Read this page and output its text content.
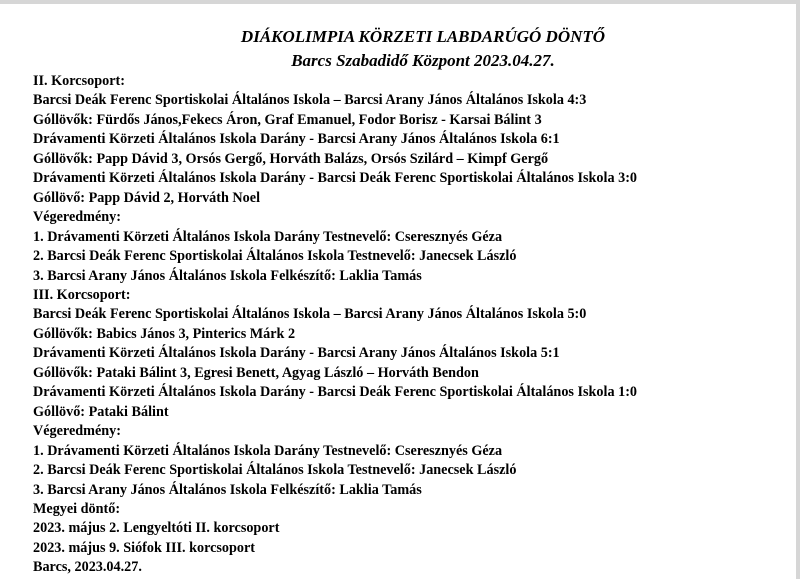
DIÁKOLIMPIA KÖRZETI LABDARÚGÓ DÖNTŐ
Barcs Szabadidő Központ 2023.04.27.
II. Korcsoport:
Barcsi Deák Ferenc Sportiskolai Általános Iskola – Barcsi Arany János Általános Iskola 4:3
Góllövők: Fürdős János,Fekecs Áron, Graf Emanuel, Fodor Borisz - Karsai Bálint 3
Drávamenti Körzeti Általános Iskola Darány - Barcsi Arany János Általános Iskola 6:1
Góllövők: Papp Dávid 3, Orsós Gergő, Horváth Balázs, Orsós Szilárd – Kimpf Gergő
Drávamenti Körzeti Általános Iskola Darány - Barcsi Deák Ferenc Sportiskolai Általános Iskola 3:0
Góllövő: Papp Dávid 2, Horváth Noel
Végeredmény:
1. Drávamenti Körzeti Általános Iskola Darány Testnevelő: Cseresznyés Géza
2. Barcsi Deák Ferenc Sportiskolai Általános Iskola Testnevelő: Janecsek László
3. Barcsi Arany János Általános Iskola Felkészítő: Laklia Tamás
III. Korcsoport:
Barcsi Deák Ferenc Sportiskolai Általános Iskola – Barcsi Arany János Általános Iskola 5:0
Góllövők: Babics János 3, Pinterics Márk 2
Drávamenti Körzeti Általános Iskola Darány - Barcsi Arany János Általános Iskola 5:1
Góllövők: Pataki Bálint 3, Egresi Benett, Agyag László – Horváth Bendon
Drávamenti Körzeti Általános Iskola Darány - Barcsi Deák Ferenc Sportiskolai Általános Iskola 1:0
Góllövő: Pataki Bálint
Végeredmény:
1. Drávamenti Körzeti Általános Iskola Darány Testnevelő: Cseresznyés Géza
2. Barcsi Deák Ferenc Sportiskolai Általános Iskola Testnevelő: Janecsek László
3. Barcsi Arany János Általános Iskola Felkészítő: Laklia Tamás
Megyei döntő:
2023. május 2. Lengyeltóti II. korcsoport
2023. május 9. Siófok III. korcsoport
Barcs, 2023.04.27.
